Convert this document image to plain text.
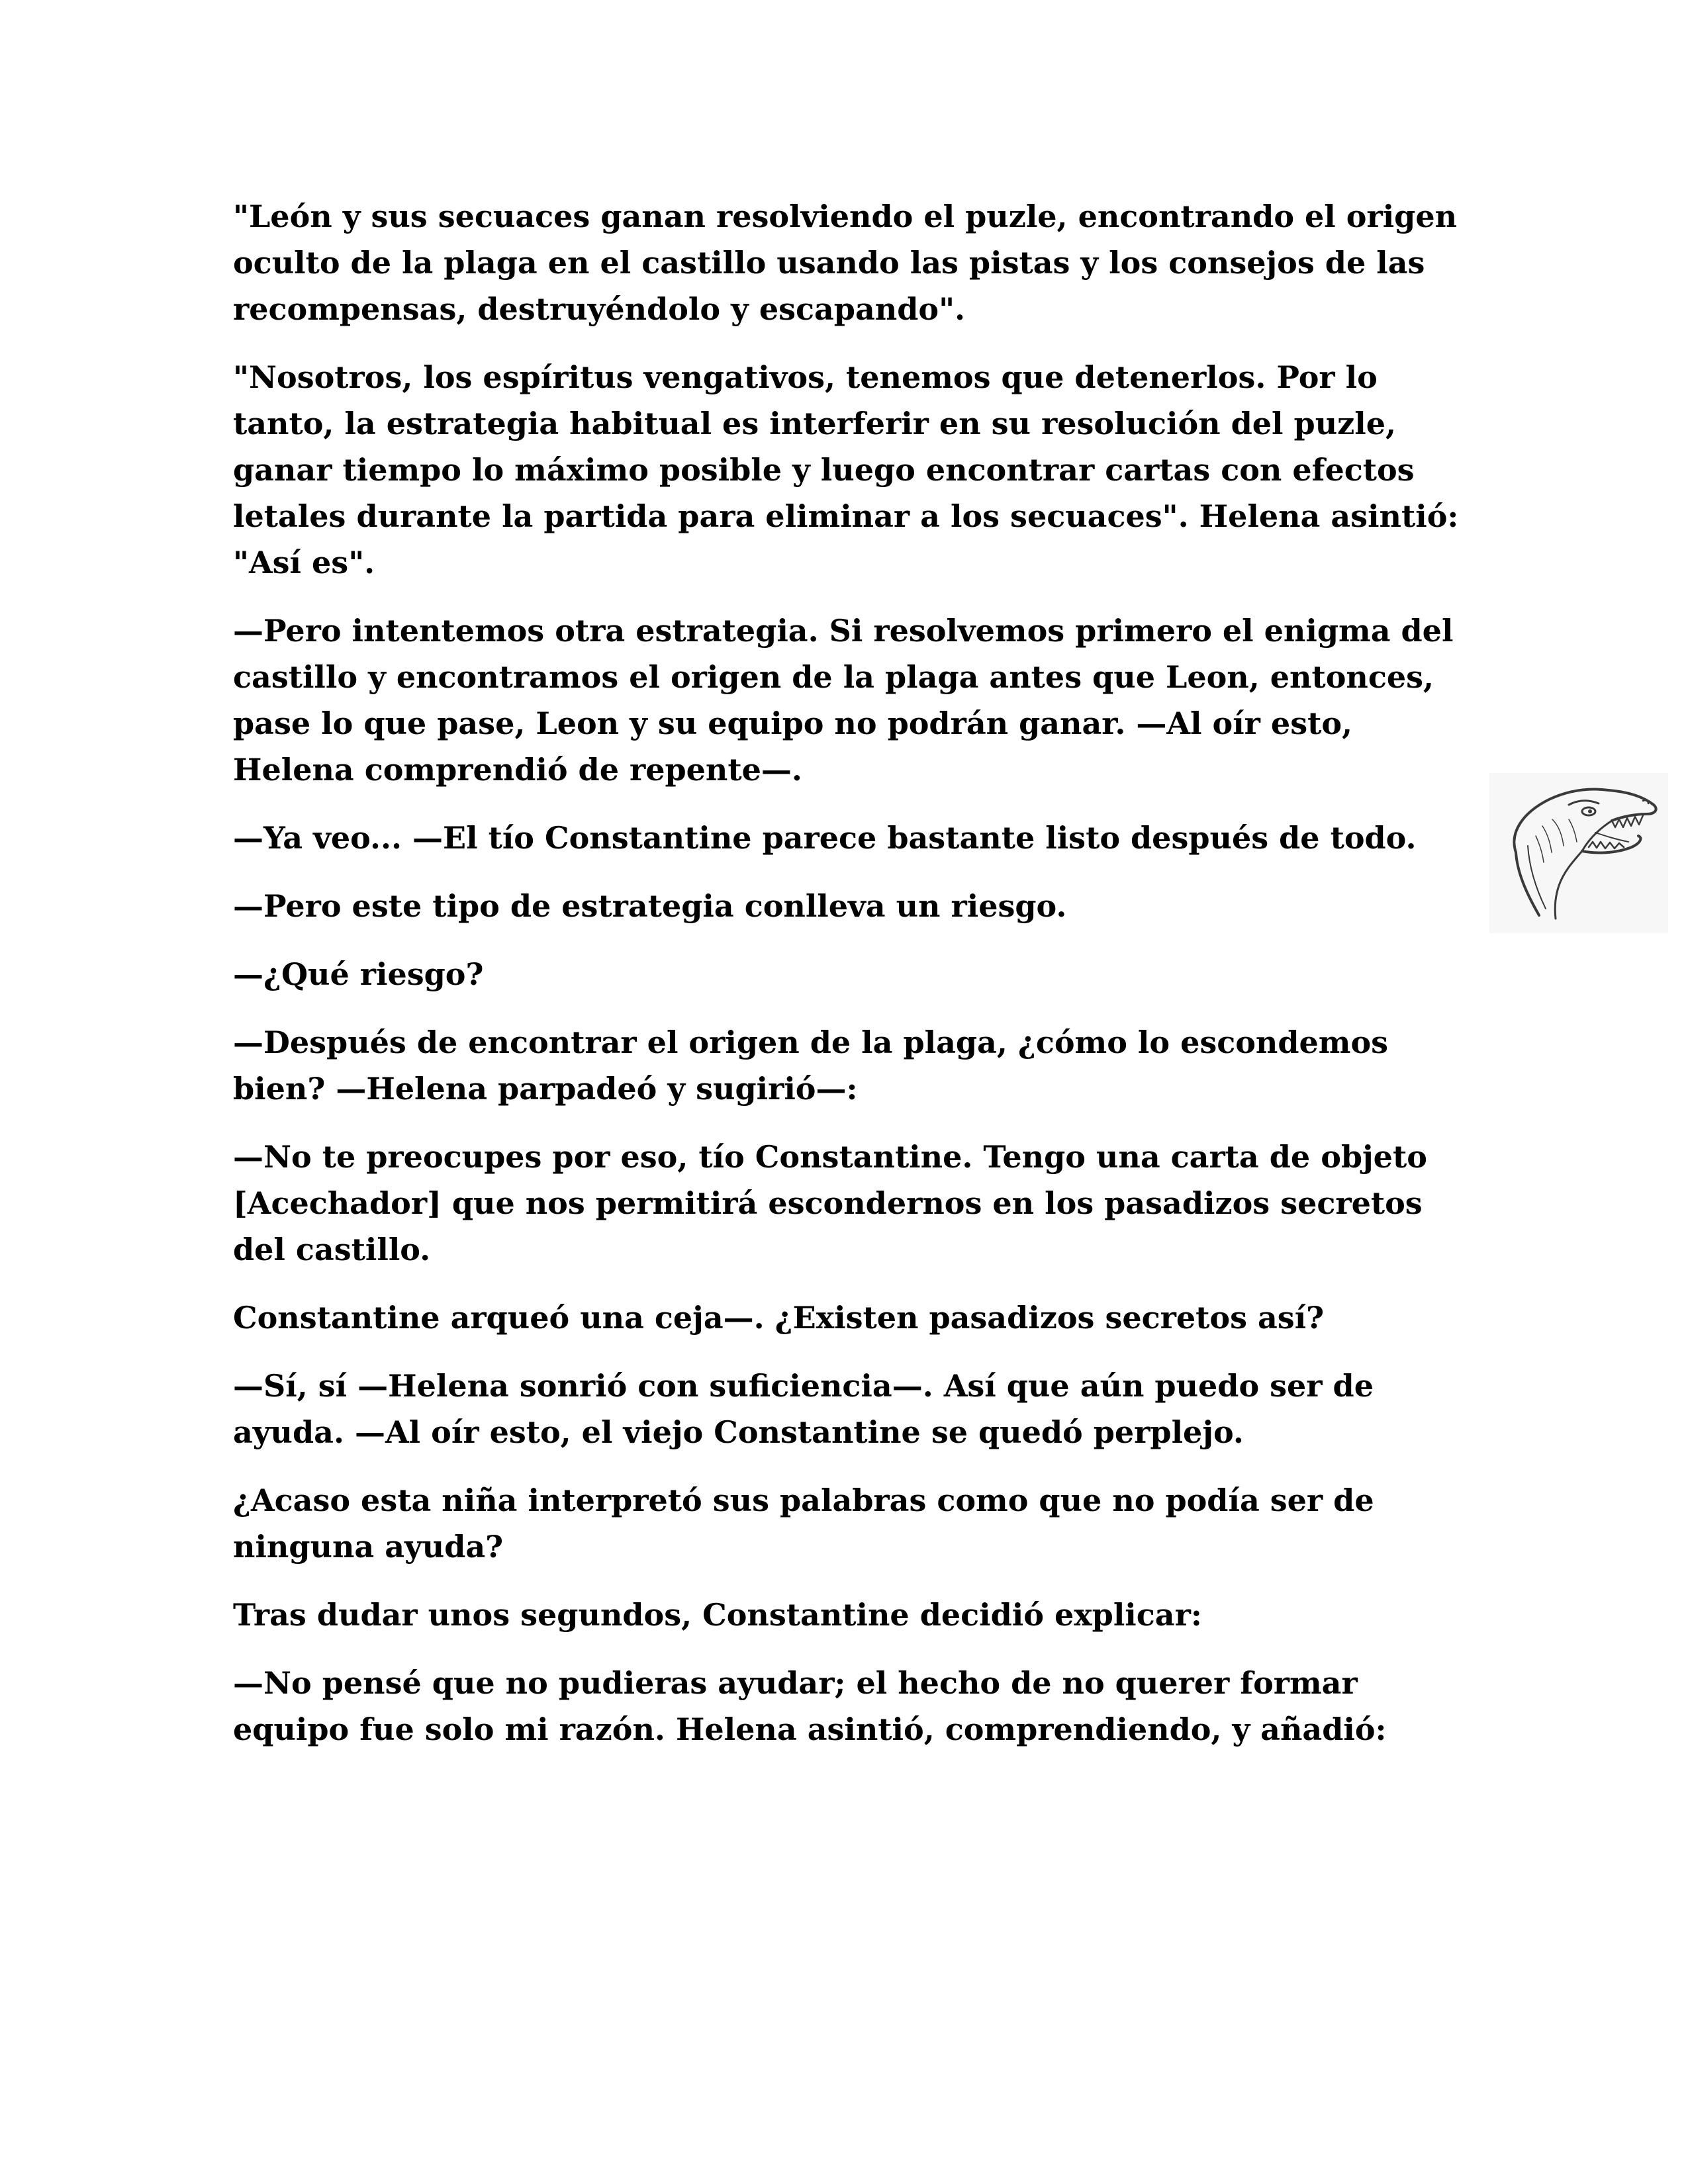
"León y sus secuaces ganan resolviendo el puzle, encontrando el origen oculto de la plaga en el castillo usando las pistas y los consejos de las recompensas, destruyéndolo y escapando".

"Nosotros, los espíritus vengativos, tenemos que detenerlos. Por lo tanto, la estrategia habitual es interferir en su resolución del puzle, ganar tiempo lo máximo posible y luego encontrar cartas con efectos letales durante la partida para eliminar a los secuaces". Helena asintió: "Así es".

—Pero intentemos otra estrategia. Si resolvemos primero el enigma del castillo y encontramos el origen de la plaga antes que Leon, entonces, pase lo que pase, Leon y su equipo no podrán ganar. —Al oír esto, Helena comprendió de repente—.

—Ya veo... —El tío Constantine parece bastante listo después de todo.

—Pero este tipo de estrategia conlleva un riesgo.

—¿Qué riesgo?

—Después de encontrar el origen de la plaga, ¿cómo lo escondemos bien? —Helena parpadeó y sugirió—:

—No te preocupes por eso, tío Constantine. Tengo una carta de objeto [Acechador] que nos permitirá escondernos en los pasadizos secretos del castillo.

Constantine arqueó una ceja—. ¿Existen pasadizos secretos así?

—Sí, sí —Helena sonrió con suficiencia—. Así que aún puedo ser de ayuda. —Al oír esto, el viejo Constantine se quedó perplejo.

¿Acaso esta niña interpretó sus palabras como que no podía ser de ninguna ayuda?

Tras dudar unos segundos, Constantine decidió explicar:

—No pensé que no pudieras ayudar; el hecho de no querer formar equipo fue solo mi razón. Helena asintió, comprendiendo, y añadió:
